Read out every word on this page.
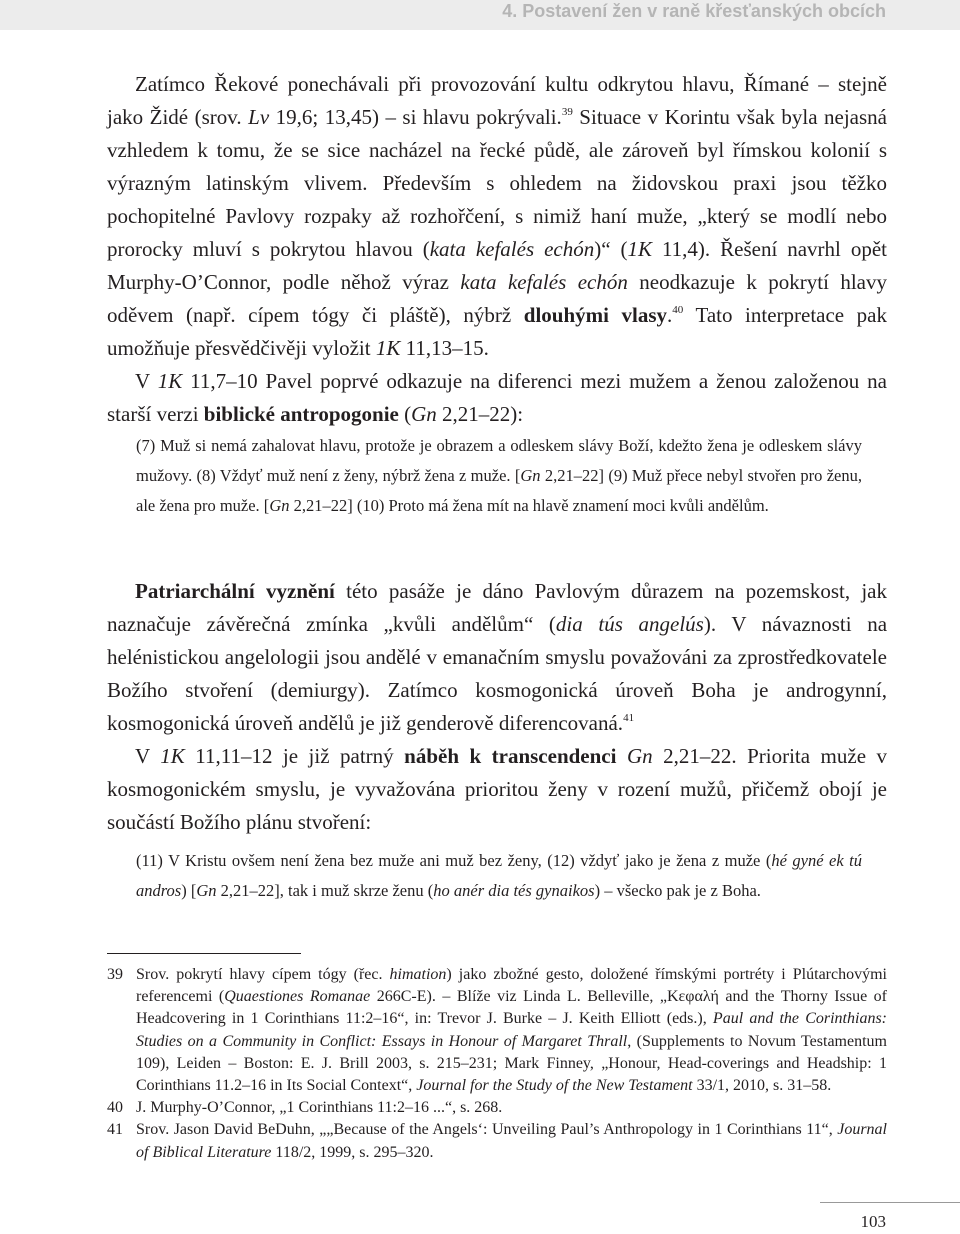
4. Postavení žen v raně křesťanských obcích

Zatímco Řekové ponechávali při provozování kultu odkrytou hlavu, Římané – stejně jako Židé (srov. Lv 19,6; 13,45) – si hlavu pokrývali.$^{39}$ Situace v Korintu však byla nejasná vzhledem k tomu, že se sice nacházel na řecké půdě, ale zároveň byl římskou kolonií s výrazným latinským vlivem. Především s ohledem na židovskou praxi jsou těžko pochopitelné Pavlovy rozpaky až rozhořčení, s nimiž haní muže, „který se modlí nebo prorocky mluví s pokrytou hlavou (kata kefalés echón)“ (1K 11,4). Řešení navrhl opět Murphy-O’Connor, podle něhož výraz kata kefalés echón neodkazuje k pokrytí hlavy oděvem (např. cípem tógy či pláště), nýbrž dlouhými vlasy.$^{40}$ Tato interpretace pak umožňuje přesvědčivěji vyložit 1K 11,13–15.

V 1K 11,7–10 Pavel poprvé odkazuje na diferenci mezi mužem a ženou založenou na starší verzi biblické antropogonie (Gn 2,21–22):

(7) Muž si nemá zahalovat hlavu, protože je obrazem a odleskem slávy Boží, kdežto žena je odleskem slávy mužovy. (8) Vždyť muž není z ženy, nýbrž žena z muže. [Gn 2,21–22] (9) Muž přece nebyl stvořen pro ženu, ale žena pro muže. [Gn 2,21–22] (10) Proto má žena mít na hlavě znamení moci kvůli andělům.

Patriarchální vyznění této pasáže je dáno Pavlovým důrazem na pozemskost, jak naznačuje závěrečná zmínka „kvůli andělům“ (dia tús angelús). V návaznosti na helénistickou angelologii jsou andělé v emanačním smyslu považováni za zprostředkovatele Božího stvoření (demiurgy). Zatímco kosmogonická úroveň Boha je androgynní, kosmogonická úroveň andělů je již genderově diferencovaná.$^{41}$

V 1K 11,11–12 je již patrný náběh k transcendenci Gn 2,21–22. Priorita muže v kosmogonickém smyslu, je vyvažována prioritou ženy v rození mužů, přičemž obojí je součástí Božího plánu stvoření:

(11) V Kristu ovšem není žena bez muže ani muž bez ženy, (12) vždyť jako je žena z muže (hé gyné ek tú andros) [Gn 2,21–22], tak i muž skrze ženu (ho anér dia tés gynaikos) – všecko pak je z Boha.

39 Srov. pokrytí hlavy cípem tógy (řec. himation) jako zbožné gesto, doložené římskými portréty i Plútarchovými referencemi (Quaestiones Romanae 266C-E). – Blíže viz Linda L. Belleville, „Κεφαλή and the Thorny Issue of Headcovering in 1 Corinthians 11:2–16“, in: Trevor J. Burke – J. Keith Elliott (eds.), Paul and the Corinthians: Studies on a Community in Conflict: Essays in Honour of Margaret Thrall, (Supplements to Novum Testamentum 109), Leiden – Boston: E. J. Brill 2003, s. 215–231; Mark Finney, „Honour, Head-coverings and Headship: 1 Corinthians 11.2–16 in Its Social Context“, Journal for the Study of the New Testament 33/1, 2010, s. 31–58.
40 J. Murphy-O’Connor, „1 Corinthians 11:2–16 ...“, s. 268.
41 Srov. Jason David BeDuhn, „„Because of the Angels‘: Unveiling Paul’s Anthropology in 1 Corinthians 11“, Journal of Biblical Literature 118/2, 1999, s. 295–320.
103
